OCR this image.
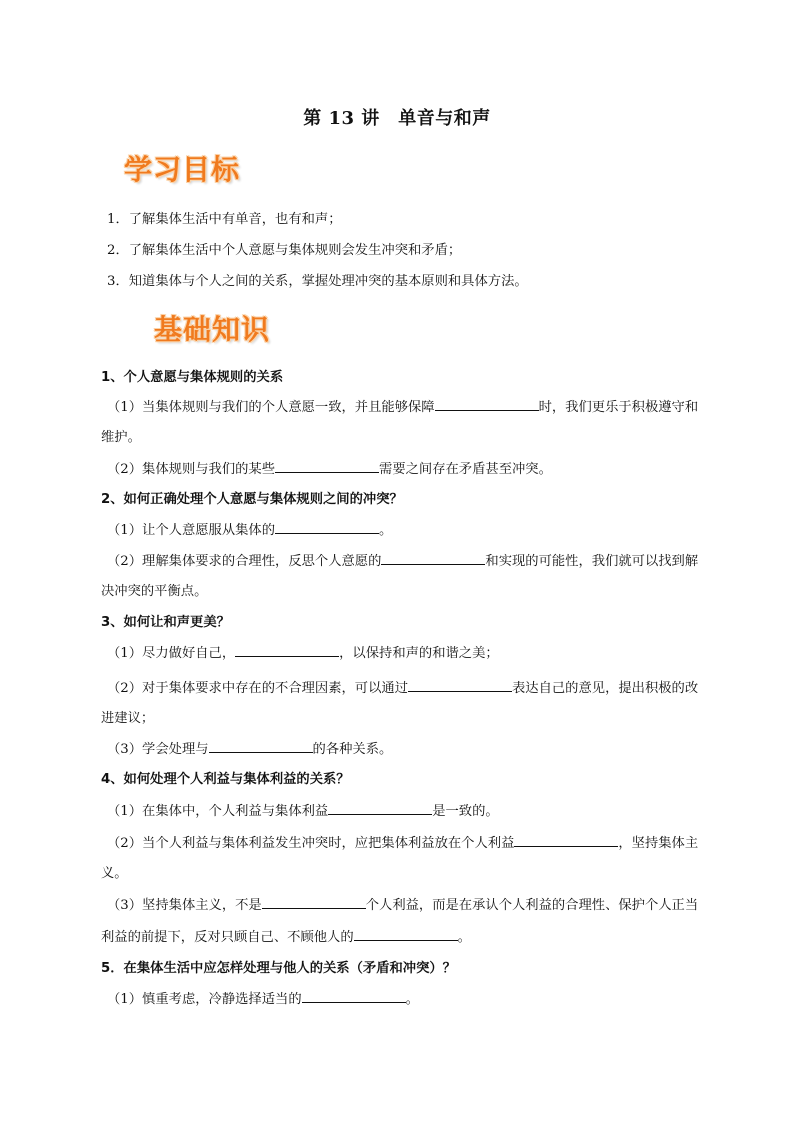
第 13 讲　单音与和声
学习目标
1．了解集体生活中有单音，也有和声；
2．了解集体生活中个人意愿与集体规则会发生冲突和矛盾；
3．知道集体与个人之间的关系，掌握处理冲突的基本原则和具体方法。
基础知识
1、个人意愿与集体规则的关系
（1）当集体规则与我们的个人意愿一致，并且能够保障	时，我们更乐于积极遵守和
维护。
（2）集体规则与我们的某些	需要之间存在矛盾甚至冲突。
2、如何正确处理个人意愿与集体规则之间的冲突？
（1）让个人意愿服从集体的	。
（2）理解集体要求的合理性，反思个人意愿的	和实现的可能性，我们就可以找到解
决冲突的平衡点。
3、如何让和声更美？
（1）尽力做好自己，	，以保持和声的和谐之美；
（2）对于集体要求中存在的不合理因素，可以通过	表达自己的意见，提出积极的改
进建议；
（3）学会处理与	的各种关系。
4、如何处理个人利益与集体利益的关系？
（1）在集体中，个人利益与集体利益	是一致的。
（2）当个人利益与集体利益发生冲突时，应把集体利益放在个人利益	，坚持集体主
义。
（3）坚持集体主义，不是	个人利益，而是在承认个人利益的合理性、保护个人正当
利益的前提下，反对只顾自己、不顾他人的	。
5．在集体生活中应怎样处理与他人的关系（矛盾和冲突）？
（1）慎重考虑，冷静选择适当的	。
